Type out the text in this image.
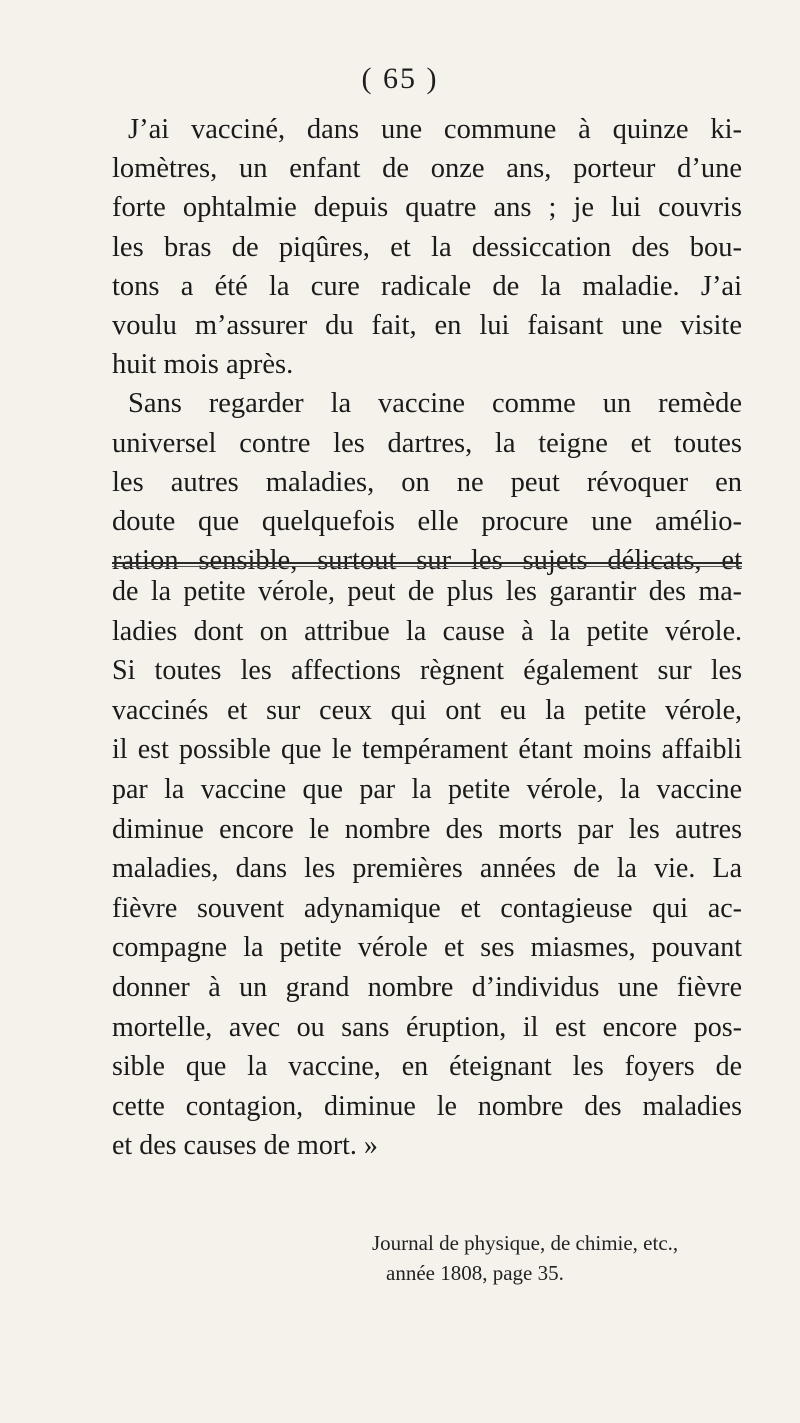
( 65 )
J’ai vacciné, dans une commune à quinze ki-
lomètres, un enfant de onze ans, porteur d’une
forte ophtalmie depuis quatre ans ; je lui couvris
les bras de piqûres, et la dessiccation des bou-
tons a été la cure radicale de la maladie. J’ai
voulu m’assurer du fait, en lui faisant une visite
huit mois après.
Sans regarder la vaccine comme un remède
universel contre les dartres, la teigne et toutes
les autres maladies, on ne peut révoquer en
doute que quelquefois elle procure une amélio-
ration sensible, surtout sur les sujets délicats, et
de la petite vérole, peut de plus les garantir des ma-
ladies dont on attribue la cause à la petite vérole.
Si toutes les affections règnent également sur les
vaccinés et sur ceux qui ont eu la petite vérole,
il est possible que le tempérament étant moins affaibli
par la vaccine que par la petite vérole, la vaccine
diminue encore le nombre des morts par les autres
maladies, dans les premières années de la vie. La
fièvre souvent adynamique et contagieuse qui ac-
compagne la petite vérole et ses miasmes, pouvant
donner à un grand nombre d’individus une fièvre
mortelle, avec ou sans éruption, il est encore pos-
sible que la vaccine, en éteignant les foyers de
cette contagion, diminue le nombre des maladies
et des causes de mort. »
Journal de physique, de chimie, etc.,
année 1808, page 35.
